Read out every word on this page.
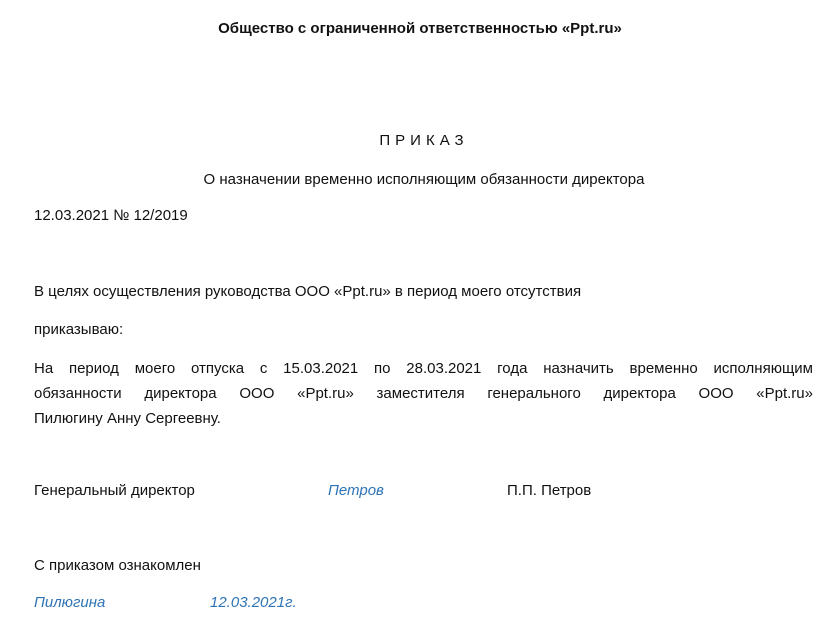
Общество с ограниченной ответственностью «Ppt.ru»
ПРИКАЗ
О назначении временно исполняющим обязанности директора
12.03.2021 № 12/2019
В целях осуществления руководства ООО «Ppt.ru» в период моего отсутствия
приказываю:
На период моего отпуска с 15.03.2021 по 28.03.2021 года назначить временно исполняющим
обязанности директора ООО «Ppt.ru» заместителя генерального директора ООО «Ppt.ru»
Пилюгину Анну Сергеевну.
Генеральный директор	Петров	П.П. Петров
С приказом ознакомлен
Пилюгина	12.03.2021г.
